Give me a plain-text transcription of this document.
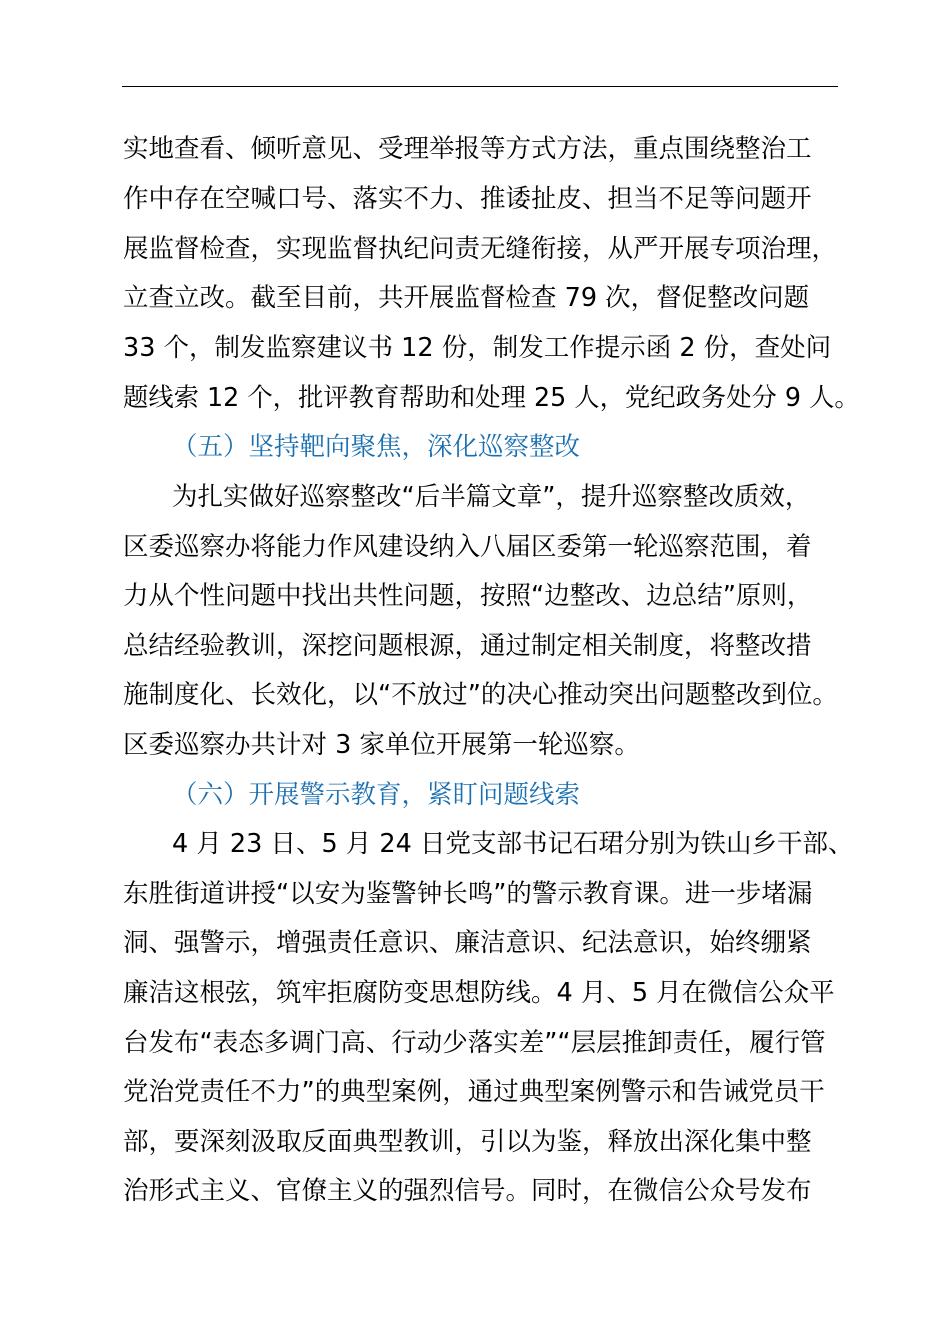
实地查看、倾听意见、受理举报等方式方法，重点围绕整治工
作中存在空喊口号、落实不力、推诿扯皮、担当不足等问题开
展监督检查，实现监督执纪问责无缝衔接，从严开展专项治理，
立查立改。截至目前，共开展监督检查 79 次，督促整改问题
33 个，制发监察建议书 12 份，制发工作提示函 2 份，查处问
题线索 12 个，批评教育帮助和处理 25 人，党纪政务处分 9 人。
（五）坚持靶向聚焦，深化巡察整改
为扎实做好巡察整改“后半篇文章”，提升巡察整改质效，
区委巡察办将能力作风建设纳入八届区委第一轮巡察范围，着
力从个性问题中找出共性问题，按照“边整改、边总结”原则，
总结经验教训，深挖问题根源，通过制定相关制度，将整改措
施制度化、长效化，以“不放过”的决心推动突出问题整改到位。
区委巡察办共计对 3 家单位开展第一轮巡察。
（六）开展警示教育，紧盯问题线索
4 月 23 日、5 月 24 日党支部书记石珺分别为铁山乡干部、
东胜街道讲授“以安为鉴警钟长鸣”的警示教育课。进一步堵漏
洞、强警示，增强责任意识、廉洁意识、纪法意识，始终绷紧
廉洁这根弦，筑牢拒腐防变思想防线。4 月、5 月在微信公众平
台发布“表态多调门高、行动少落实差”“层层推卸责任，履行管
党治党责任不力”的典型案例，通过典型案例警示和告诫党员干
部，要深刻汲取反面典型教训，引以为鉴，释放出深化集中整
治形式主义、官僚主义的强烈信号。同时，在微信公众号发布
